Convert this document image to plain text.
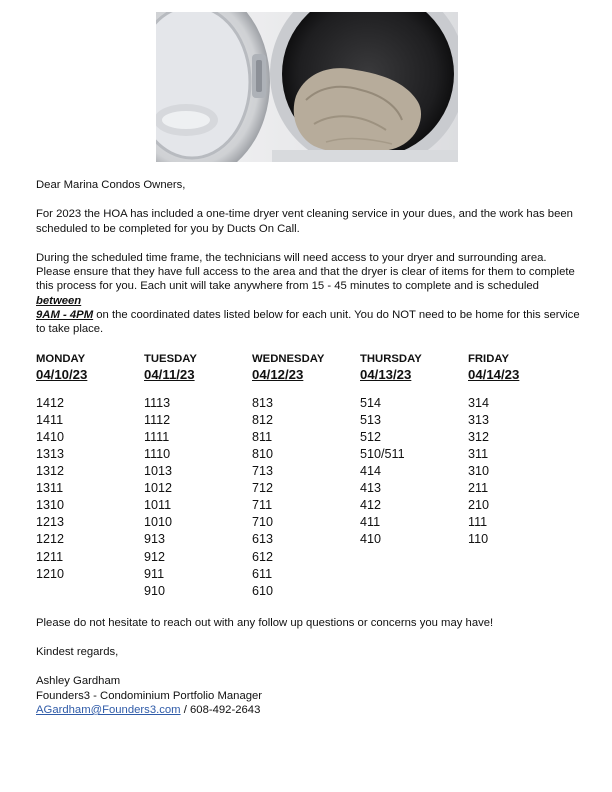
Dear Marina Condos Owners,

For 2023 the HOA has included a one-time dryer vent cleaning service in your dues, and the work has been scheduled to be completed for you by Ducts On Call.

During the scheduled time frame, the technicians will need access to your dryer and surrounding area. Please ensure that they have full access to the area and that the dryer is clear of items for them to complete this process for you. Each unit will take anywhere from 15 - 45 minutes to complete and is scheduled between
9AM - 4PM on the coordinated dates listed below for each unit. You do NOT need to be home for this service to take place.

MONDAY
04/10/23
1412
1411
1410
1313
1312
1311
1310
1213
1212
1211
1210
TUESDAY
04/11/23
1113
1112
1111
1110
1013
1012
1011
1010
913
912
911
910
WEDNESDAY
04/12/23
813
812
811
810
713
712
711
710
613
612
611
610
THURSDAY
04/13/23
514
513
512
510/511
414
413
412
411
410
FRIDAY
04/14/23
314
313
312
311
310
211
210
111
110

Please do not hesitate to reach out with any follow up questions or concerns you may have!

Kindest regards,

Ashley Gardham

Founders3 - Condominium Portfolio Manager

AGardham@Founders3.com / 608-492-2643
